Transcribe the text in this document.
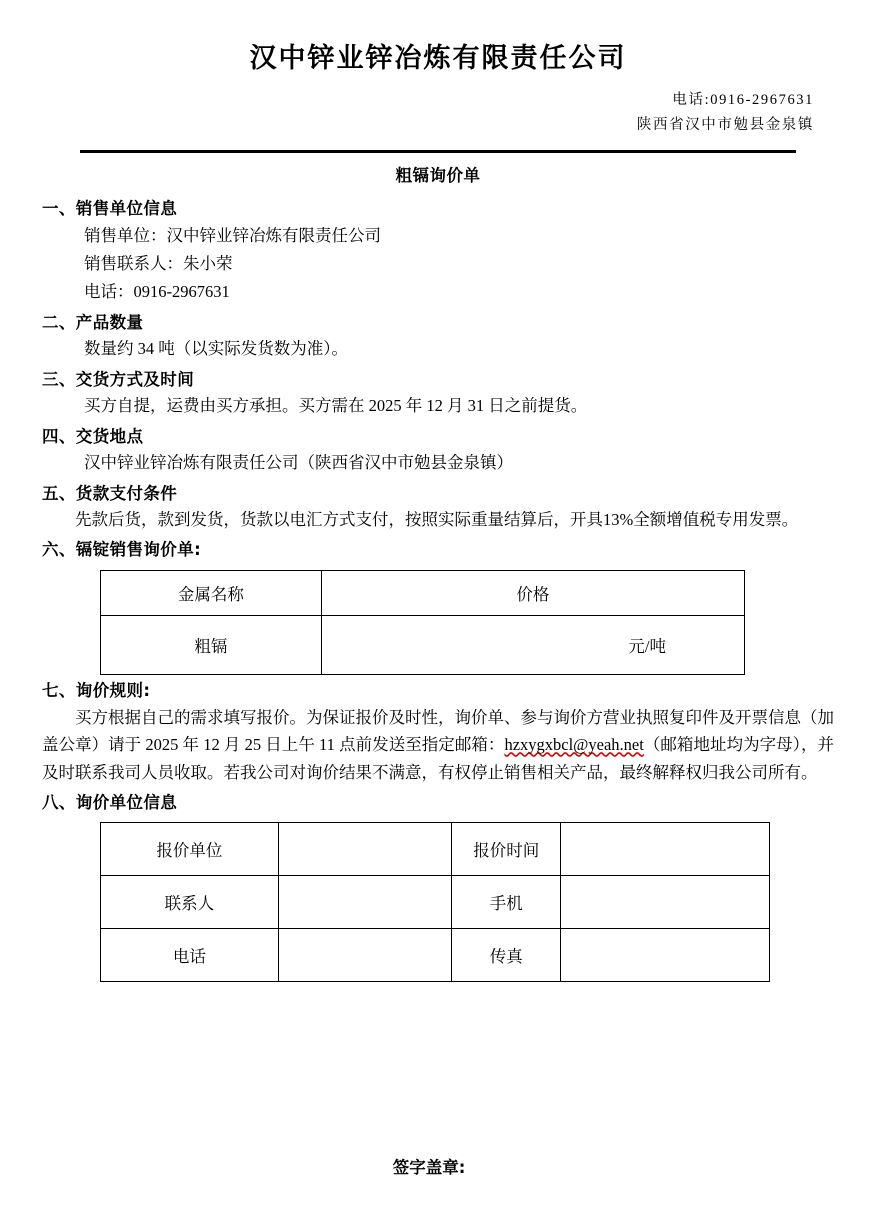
汉中锌业锌冶炼有限责任公司
电话:0916-2967631
陕西省汉中市勉县金泉镇
粗镉询价单
一、销售单位信息
销售单位：汉中锌业锌冶炼有限责任公司
销售联系人：朱小荣
电话：0916-2967631
二、产品数量
数量约 34 吨（以实际发货数为准）。
三、交货方式及时间
买方自提，运费由买方承担。买方需在 2025 年 12 月 31 日之前提货。
四、交货地点
汉中锌业锌冶炼有限责任公司（陕西省汉中市勉县金泉镇）
五、货款支付条件
先款后货，款到发货，货款以电汇方式支付，按照实际重量结算后，开具13%全额增值税专用发票。
六、镉锭销售询价单:
金属名称	价格
粗镉	元/吨
七、询价规则:
买方根据自己的需求填写报价。为保证报价及时性，询价单、参与询价方营业执照复印件及开票信息（加盖公章）请于 2025 年 12 月 25 日上午 11 点前发送至指定邮箱：hzxygxbcl@yeah.net（邮箱地址均为字母），并及时联系我司人员收取。若我公司对询价结果不满意，有权停止销售相关产品，最终解释权归我公司所有。
八、询价单位信息
报价单位		报价时间	
联系人		手机	
电话		传真	
签字盖章:
